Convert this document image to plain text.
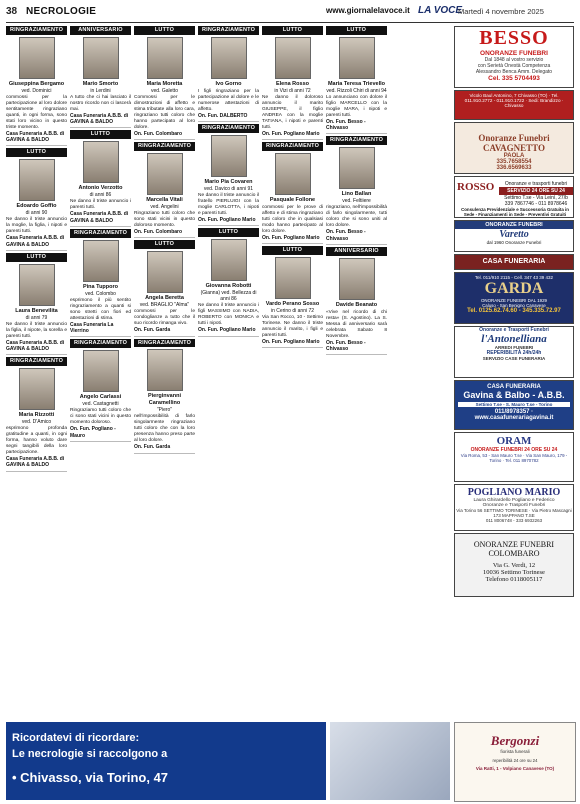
38 NECROLOGIE	www.giornalelavoce.it LA VOCE
Martedì 4 novembre 2025
RINGRAZIAMENTO
Giuseppina Bergamo
ved. Dominici
commossi per la partecipazione al loro dolore sentitamente ringraziano quanti, in ogni forma, sono stati loro vicino in questo triste momento.
Casa Funeraria A.B.B. di GAVINA & BALDO
LUTTO
Edoardo Goffio
di anni 90
Ne danno il triste annuncio la moglie, la figlia, i nipoti e parenti tutti.
Casa Funeraria A.B.B. di GAVINA & BALDO
LUTTO
Laura Benevilita
di anni 79
Ne danno il triste annuncio la figlia, il nipote, la sorella e parenti tutti.
Casa Funeraria A.B.B. di GAVINA & BALDO
RINGRAZIAMENTO
Maria Rizzotti
ved. D'Amico
esprimono profonda gratitudine a quanti, in ogni forma, hanno voluto dare segni tangibili della loro partecipazione.
Casa Funeraria A.B.B. di GAVINA & BALDO
ANNIVERSARIO
Mario Smorto
in Lerdini
A tutto che ci hai lasciato il nostro ricordo non ci lascerà mai.
Casa Funeraria A.B.B. di GAVINA & BALDO
LUTTO
Antonio Verzotto
di anni 86
Ne danno il triste annuncio i parenti tutti.
Casa Funeraria A.B.B. di GAVINA & BALDO
RINGRAZIAMENTO
Pina Tupporo
ved. Colombo
esprimono il più sentito ringraziamento a quanti si sono stretti con fiori ed attestazioni di stima.
Casa Funeraria La Vierrino
RINGRAZIAMENTO
Angelo Carlassi
ved. Castagnetti
Ringraziamo tutti coloro che ci sono stati vicini in questo momento doloroso.
On. Fun. Pogliano - Mauro
LUTTO
Maria Moretta
ved. Galetto
Commossi per le dimostrazioni di affetto e stima tributate alla loro cara, ringraziano tutti coloro che hanno partecipato al loro dolore.
On. Fun. Colombaro
RINGRAZIAMENTO
Marcella Vitali
ved. Angelini
Ringraziano tutti coloro che sono stati vicini in questo doloroso momento.
On. Fun. Colombaro
LUTTO
Angela Beretta
ved. BRAGLIO "Alma"
commossi per le condoglianze a tutto che il suo ricordo rimanga vivo.
On. Fun. Garda
RINGRAZIAMENTO
Pierginvanni Caramellino
"Piero"
nell'impossibilità di farlo singolarmente ringraziano tutti coloro che con la loro presenza hanno preso parte al loro dolore.
On. Fun. Garda
RINGRAZIAMENTO
Ivo Gorno
I figli ringraziano per la partecipazione al dolore e le numerose attestazioni di affetto.
On. Fun. DALBERTO
RINGRAZIAMENTO
Mario Pia Covaren
ved. Davico di anni 91
Ne danno il triste annuncio il fratello PIERLUIGI con la moglie CARLOTTA, i nipoti e parenti tutti.
On. Fun. Pogliano Mario
LUTTO
Giovanna Robotti
(Gianna) ved. Bellezza di anni 86
Ne danno il triste annuncio i figli MASSIMO con NADIA, ROBERTO con MONICA e tutti i nipoti.
On. Fun. Pogliano Mario
LUTTO
Elena Rosso
in Vizi di anni 72
Ne danno il doloroso annuncio il marito GIUSEPPE, il figlio ANDREA con la moglie TATIANA, i nipoti e parenti tutti.
On. Fun. Pogliano Mario
RINGRAZIAMENTO
Pasquale Follone
commossi per le prove di affetto e di stima ringraziano tutti coloro che in qualsiasi modo hanno partecipato al loro dolore.
On. Fun. Pogliano Mario
LUTTO
Vardo Perano Sosso
in Cerino di anni 72
Via San Rocco, 10 - Settimo Torinese. Ne danno il triste annuncio il marito, i figli e parenti tutti.
On. Fun. Pogliano Mario
LUTTO
Maria Teresa Trievello
ved. Rizzoli Chiri di anni 94
Lo annunciano con dolore il figlio MARCELLO con la moglie MARA, i nipoti e parenti tutti.
On. Fun. Besso - Chivasso
RINGRAZIAMENTO
Lino Ballan
ved. Feltiiere
ringraziano, nell'impossibilità di farlo singolarmente, tutti coloro che si sono uniti al loro dolore.
On. Fun. Besso - Chivasso
ANNIVERSARIO
Davide Beanato
«Vive nel ricordo di chi resta» (S. Agostino). La S. Messa di anniversario sarà celebrata Sabato 8 Novembre.
On. Fun. Besso - Chivasso
BESSO
ONORANZE FUNEBRI
Dal 1848 al vostro servizio
con Serietà Onestà Competenza
Alessandro Benca Amm. Delegato
Cel. 335 5704493
Vicolo Baul Antonino, 7 Chivasso (TO) · Tel. 011.910.2772 - 011.910.1722 · Sedi: Brandizzo · Chivasso
Onoranze Funebri CAVAGNETTO
PAOLA
335.7658554
336.6569633
ROSSO	Onoranze e trasporti funebri
SERVIZIO 24 ORE SU 24
Settimo T.se - Via Leinì, 27/b
339 7867746 - 011 8978646
Consulenza Previdenziale e Successoria Gratuita in Sede - Finanziamenti in Sede - Preventivi Gratuiti
ONORANZE FUNEBRI
Varetto
dal 1960 Onoranze Funebri
CASA FUNERARIA
Tel. 011/910 2115 - Cell. 347 43 39 432
GARDA
ONORANZE FUNEBRI DAL 1929
Caluso - San Benigno Canavese
Tel. 0125.62.74.60 - 345.335.72.97
Onoranze e Trasporti Funebri
l'Antonelliana
ARREDI FUNEBRI
REPERIBILITÀ 24h/24h
SERVIZIO CASE FUNERARIA
CASA FUNERARIA
Gavina & Balbo - A.B.B.
Settimo T.se - S. Mauro T.se - Torino
011/8978357 · www.casafunerariagavina.it
ORAM
ONORANZE FUNEBRI 24 ORE SU 24
Via Roma, 53 - San Mauro T.se · Via San Mauro, 179 - Torino · Tel. 011 8970782
POGLIANO MARIO
Laura Ghirardello Pogliano e Federico
Onoranze e Trasporti Funebri
Via Torino 56 SETTIMO TORINESE · Via Pietro Mascagni 173 MAPPANO T.SE
011 8006748 - 333 6932263
ONORANZE FUNEBRI
COLOMBARO
Via G. Verdi, 12
10036 Settimo Torinese
Telefono 0118005117
Ricordatevi di ricordare:
Le necrologie si raccolgono a
• Chivasso, via Torino, 47
Bergonzi
fiorista funerali
reperibilità 24 ore su 24
Via Ratti, 1 - Volpiano Canavese (TO)
